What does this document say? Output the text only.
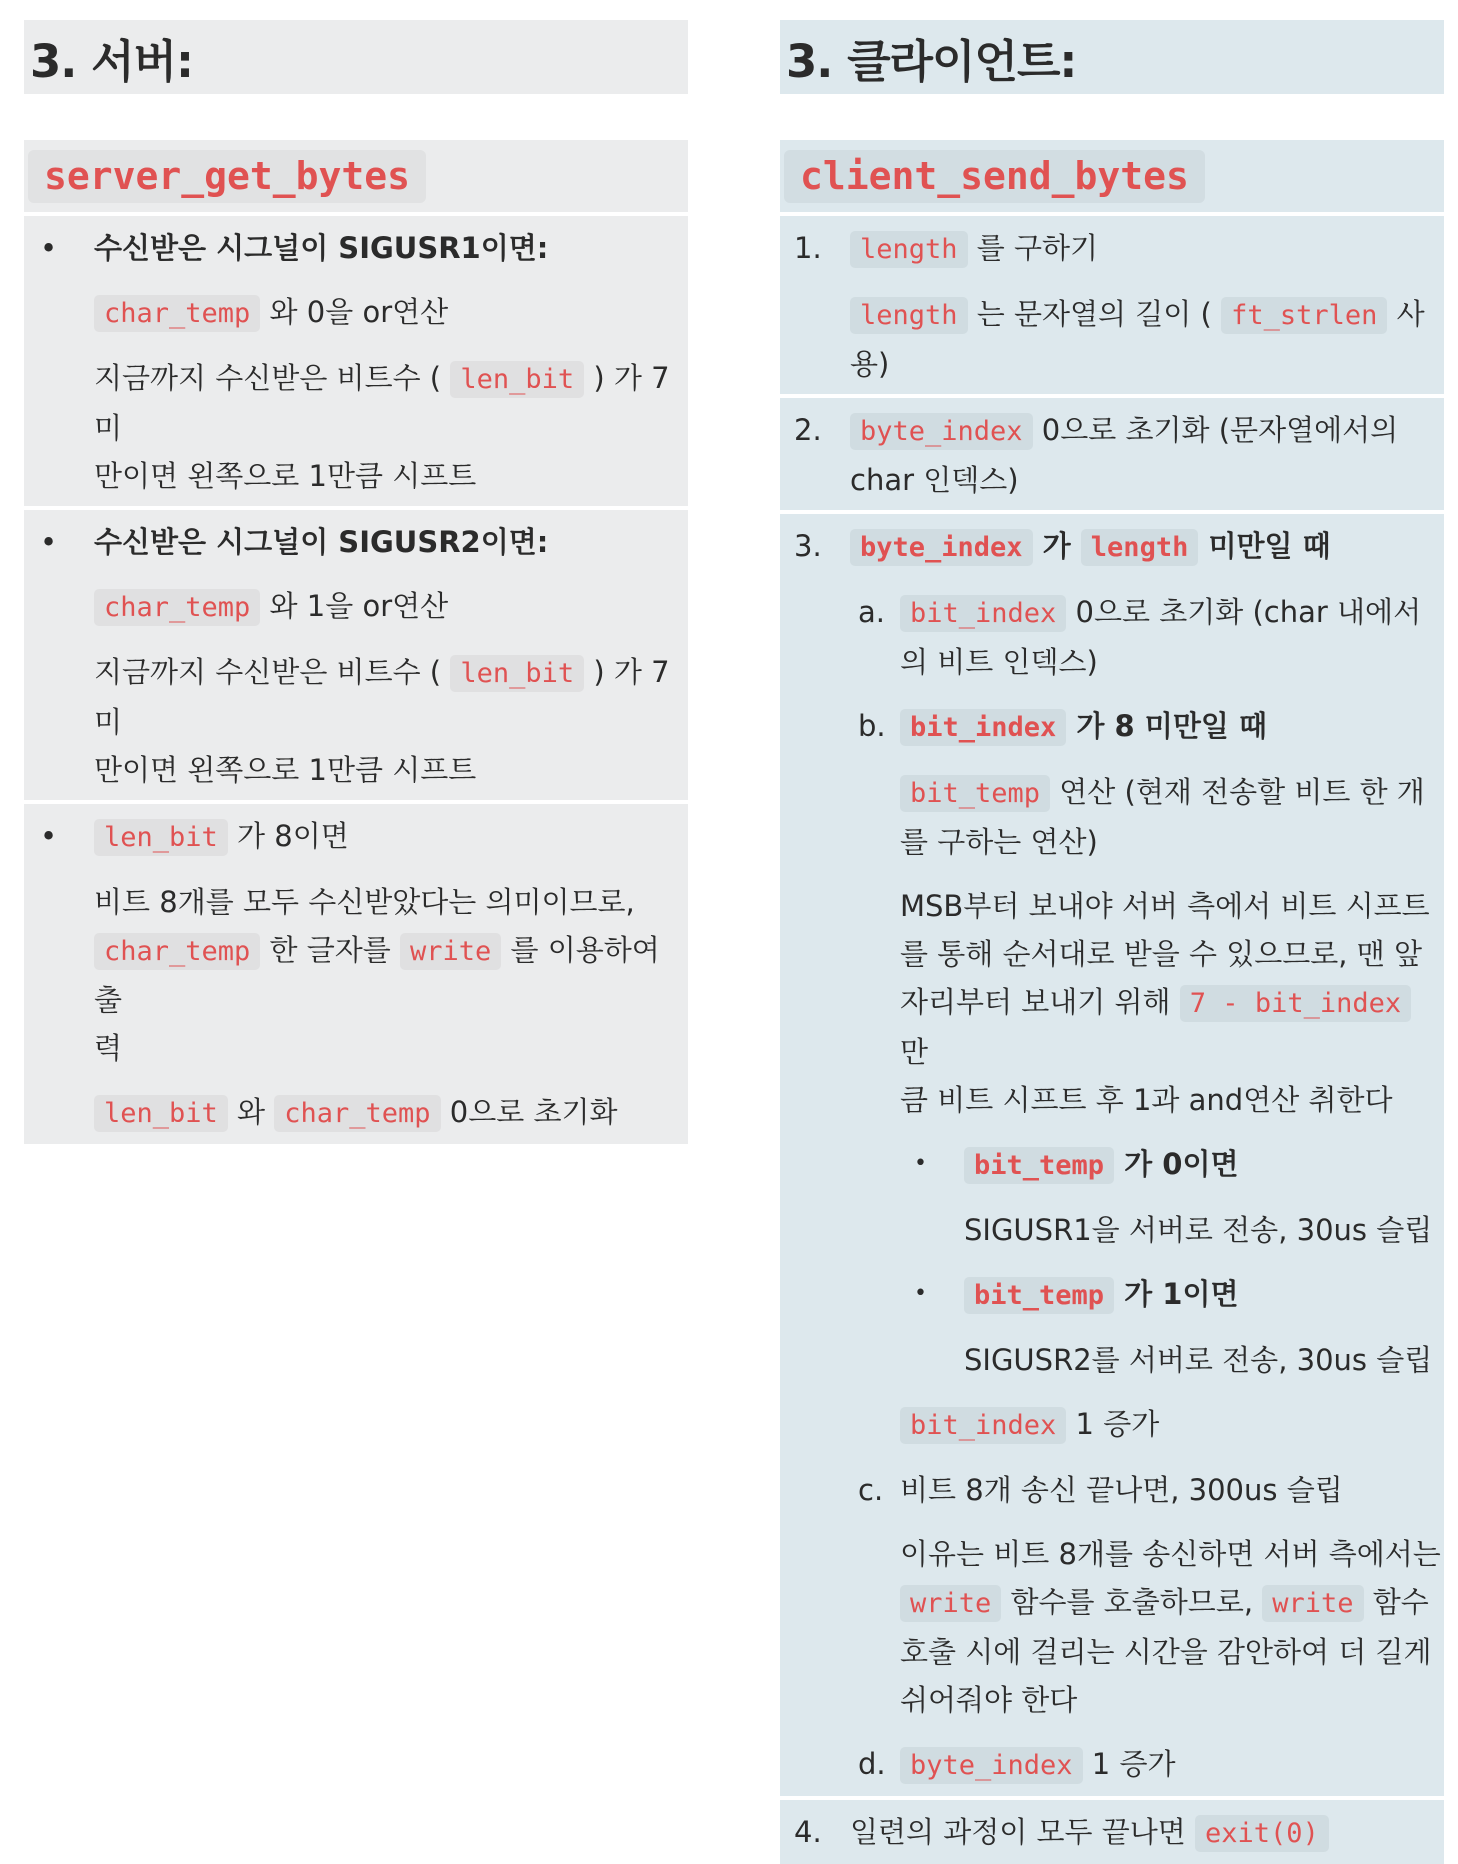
3. 서버:
server_get_bytes
•	수신받은 시그널이 SIGUSR1이면:
char_temp 와 0을 or연산
지금까지 수신받은 비트수 ( len_bit ) 가 7 미
만이면 왼쪽으로 1만큼 시프트
•	수신받은 시그널이 SIGUSR2이면:
char_temp 와 1을 or연산
지금까지 수신받은 비트수 ( len_bit ) 가 7 미
만이면 왼쪽으로 1만큼 시프트
•	len_bit 가 8이면
비트 8개를 모두 수신받았다는 의미이므로,
char_temp 한 글자를 write 를 이용하여 출
력
len_bit 와 char_temp 0으로 초기화
3. 클라이언트:
client_send_bytes
1.	length 를 구하기
length 는 문자열의 길이 ( ft_strlen 사용)
2.	byte_index 0으로 초기화 (문자열에서의
char 인덱스)
3.	byte_index 가 length 미만일 때
a. bit_index 0으로 초기화 (char 내에서
의 비트 인덱스)
b. bit_index 가 8 미만일 때
bit_temp 연산 (현재 전송할 비트 한 개
를 구하는 연산)
MSB부터 보내야 서버 측에서 비트 시프트
를 통해 순서대로 받을 수 있으므로, 맨 앞
자리부터 보내기 위해 7 - bit_index 만
큼 비트 시프트 후 1과 and연산 취한다
•	bit_temp 가 0이면
SIGUSR1을 서버로 전송, 30us 슬립
•	bit_temp 가 1이면
SIGUSR2를 서버로 전송, 30us 슬립
bit_index 1 증가
c. 비트 8개 송신 끝나면, 300us 슬립
이유는 비트 8개를 송신하면 서버 측에서는
write 함수를 호출하므로, write 함수
호출 시에 걸리는 시간을 감안하여 더 길게
쉬어줘야 한다
d. byte_index 1 증가
4. 일련의 과정이 모두 끝나면 exit(0)
